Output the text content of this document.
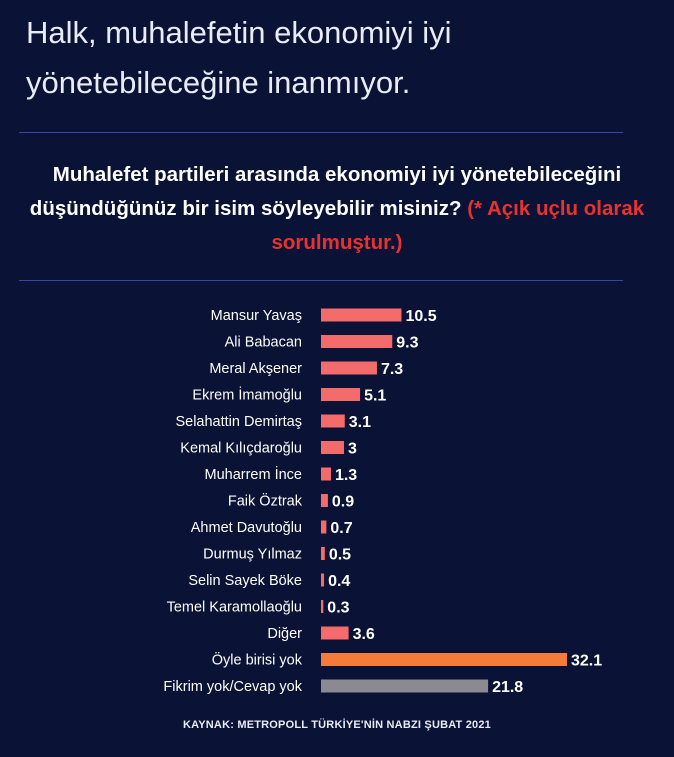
Halk, muhalefetin ekonomiyi iyi yönetebileceğine inanmıyor.

Muhalefet partileri arasında ekonomiyi iyi yönetebileceğini düşündüğünüz bir isim söyleyebilir misiniz? (* Açık uçlu olarak sorulmuştur.)

Mansur Yavaş	10.5
Ali Babacan	9.3
Meral Akşener	7.3
Ekrem İmamoğlu	5.1
Selahattin Demirtaş	3.1
Kemal Kılıçdaroğlu	3
Muharrem İnce 1.3
Faik Öztrak 0.9
Ahmet Davutoğlu 0.7
Durmuş Yılmaz 0.5
Selin Sayek Böke 0.4
Temel Karamollaoğlu 0.3
Diğer	3.6
Öyle birisi yok	32.1
Fikrim yok/Cevap yok	21.8
KAYNAK: METROPOLL TÜRKİYE'NİN NABZI ŞUBAT 2021
